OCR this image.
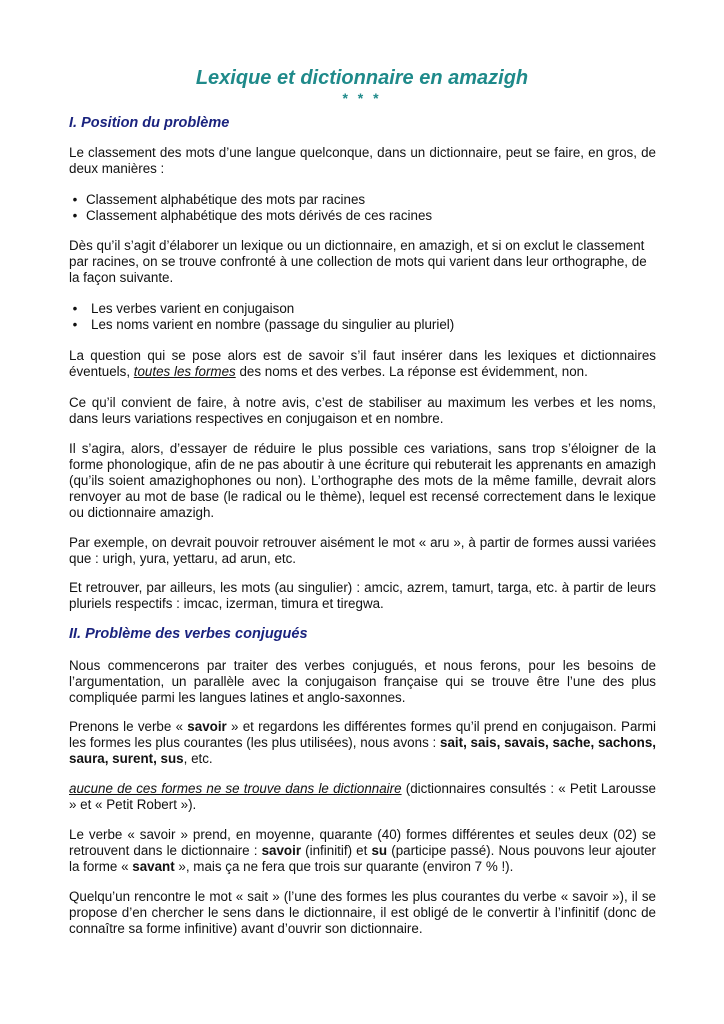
Lexique et dictionnaire en amazigh
* * *
I. Position du problème

Le classement des mots d’une langue quelconque, dans un dictionnaire, peut se faire, en gros, de deux manières :

• Classement alphabétique des mots par racines
• Classement alphabétique des mots dérivés de ces racines

Dès qu’il s’agit d’élaborer un lexique ou un dictionnaire, en amazigh, et si on exclut le classement par racines, on se trouve confronté à une collection de mots qui varient dans leur orthographe, de la façon suivante.

• Les verbes varient en conjugaison
• Les noms varient en nombre (passage du singulier au pluriel)

La question qui se pose alors est de savoir s’il faut insérer dans les lexiques et dictionnaires éventuels, toutes les formes des noms et des verbes. La réponse est évidemment, non.

Ce qu’il convient de faire, à notre avis, c’est de stabiliser au maximum les verbes et les noms, dans leurs variations respectives en conjugaison et en nombre.

Il s’agira, alors, d’essayer de réduire le plus possible ces variations, sans trop s’éloigner de la forme phonologique, afin de ne pas aboutir à une écriture qui rebuterait les apprenants en amazigh (qu’ils soient amazighophones ou non). L’orthographe des mots de la même famille, devrait alors renvoyer au mot de base (le radical ou le thème), lequel est recensé correctement dans le lexique ou dictionnaire amazigh.

Par exemple, on devrait pouvoir retrouver aisément le mot « aru », à partir de formes aussi variées que : urigh, yura, yettaru, ad arun, etc.

Et retrouver, par ailleurs, les mots (au singulier) : amcic, azrem, tamurt, targa, etc. à partir de leurs pluriels respectifs : imcac, izerman, timura et tiregwa.

II. Problème des verbes conjugués

Nous commencerons par traiter des verbes conjugués, et nous ferons, pour les besoins de l’argumentation, un parallèle avec la conjugaison française qui se trouve être l’une des plus compliquée parmi les langues latines et anglo-saxonnes.

Prenons le verbe « savoir » et regardons les différentes formes qu’il prend en conjugaison. Parmi les formes les plus courantes (les plus utilisées), nous avons : sait, sais, savais, sache, sachons, saura, surent, sus, etc.

aucune de ces formes ne se trouve dans le dictionnaire (dictionnaires consultés : « Petit Larousse » et « Petit Robert »).

Le verbe « savoir » prend, en moyenne, quarante (40) formes différentes et seules deux (02) se retrouvent dans le dictionnaire : savoir (infinitif) et su (participe passé). Nous pouvons leur ajouter la forme « savant », mais ça ne fera que trois sur quarante (environ 7 % !).

Quelqu’un rencontre le mot « sait » (l’une des formes les plus courantes du verbe « savoir »), il se propose d’en chercher le sens dans le dictionnaire, il est obligé de le convertir à l’infinitif (donc de connaître sa forme infinitive) avant d’ouvrir son dictionnaire.
